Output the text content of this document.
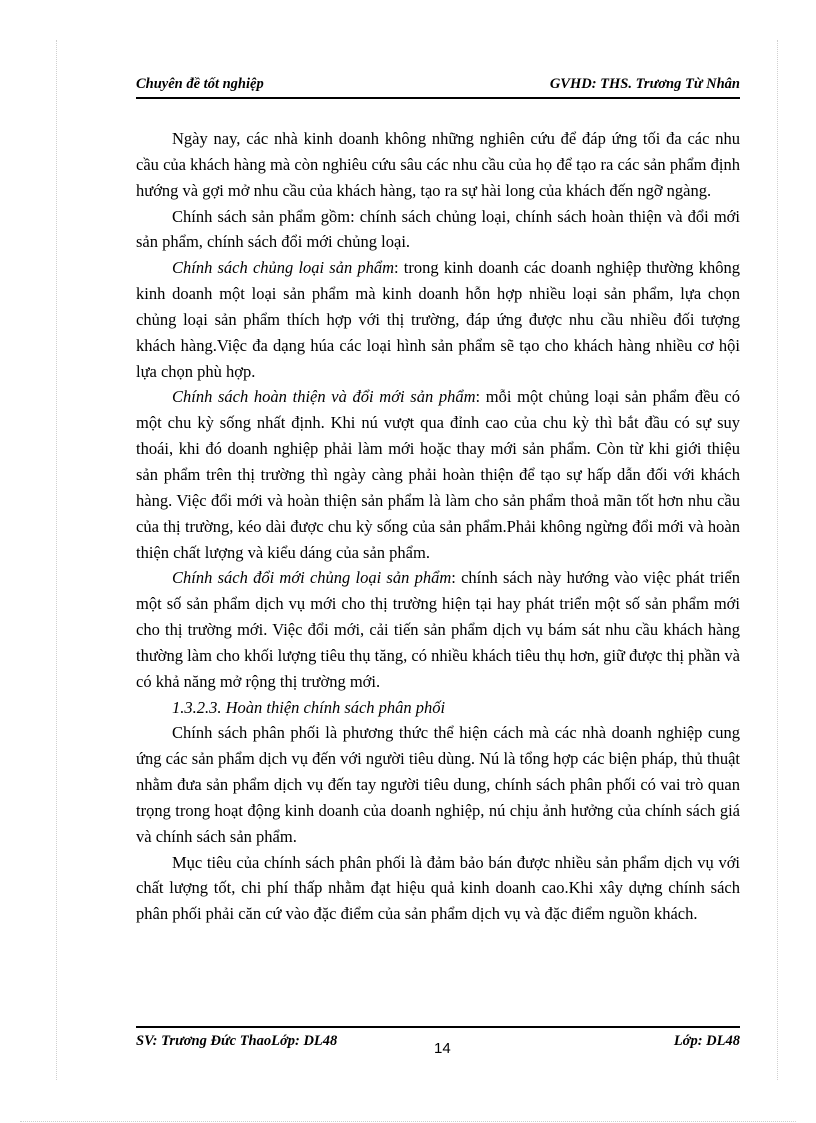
Chuyên đề tốt nghiệp	GVHD: THS. Trương Từ Nhân

Ngày nay, các nhà kinh doanh không những nghiên cứu để đáp ứng tối đa các nhu cầu của khách hàng mà còn nghiêu cứu sâu các nhu cầu của họ để tạo ra các sản phẩm định hướng và gợi mở nhu cầu của khách hàng, tạo ra sự hài long của khách đến ngỡ ngàng.

Chính sách sản phẩm gồm: chính sách chủng loại, chính sách hoàn thiện và đổi mới sản phẩm, chính sách đổi mới chủng loại.

Chính sách chủng loại sản phẩm: trong kinh doanh các doanh nghiệp thường không kinh doanh một loại sản phẩm mà kinh doanh hỗn hợp nhiều loại sản phẩm, lựa chọn chủng loại sản phẩm thích hợp với thị trường, đáp ứng được nhu cầu nhiều đối tượng khách hàng.Việc đa dạng húa các loại hình sản phẩm sẽ tạo cho khách hàng nhiều cơ hội lựa chọn phù hợp.

Chính sách hoàn thiện và đổi mới sản phẩm: mỗi một chủng loại sản phẩm đều có một chu kỳ sống nhất định. Khi nú vượt qua đỉnh cao của chu kỳ thì bắt đầu có sự suy thoái, khi đó doanh nghiệp phải làm mới hoặc thay mới sản phẩm. Còn từ khi giới thiệu sản phẩm trên thị trường thì ngày càng phải hoàn thiện để tạo sự hấp dẫn đối với khách hàng. Việc đổi mới và hoàn thiện sản phẩm là làm cho sản phẩm thoả mãn tốt hơn nhu cầu của thị trường, kéo dài được chu kỳ sống của sản phẩm.Phải không ngừng đổi mới và hoàn thiện chất lượng và kiểu dáng của sản phẩm.

Chính sách đổi mới chủng loại sản phẩm: chính sách này hướng vào việc phát triển một số sản phẩm dịch vụ mới cho thị trường hiện tại hay phát triển một số sản phẩm mới cho thị trường mới. Việc đổi mới, cải tiến sản phẩm dịch vụ bám sát nhu cầu khách hàng thường làm cho khối lượng tiêu thụ tăng, có nhiều khách tiêu thụ hơn, giữ được thị phần và có khả năng mở rộng thị trường mới.

1.3.2.3. Hoàn thiện chính sách phân phối

Chính sách phân phối là phương thức thể hiện cách mà các nhà doanh nghiệp cung ứng các sản phẩm dịch vụ đến với người tiêu dùng. Nú là tổng hợp các biện pháp, thủ thuật nhằm đưa sản phẩm dịch vụ đến tay người tiêu dung, chính sách phân phối có vai trò quan trọng trong hoạt động kinh doanh của doanh nghiệp, nú chịu ảnh hưởng của chính sách giá và chính sách sản phẩm.

Mục tiêu của chính sách phân phối là đảm bảo bán được nhiều sản phẩm dịch vụ với chất lượng tốt, chi phí thấp nhằm đạt hiệu quả kinh doanh cao.Khi xây dựng chính sách phân phối phải căn cứ vào đặc điểm của sản phẩm dịch vụ và đặc điểm nguồn khách.

SV: Trương Đức ThaoLớp: DL48	Lớp: DL48
14
